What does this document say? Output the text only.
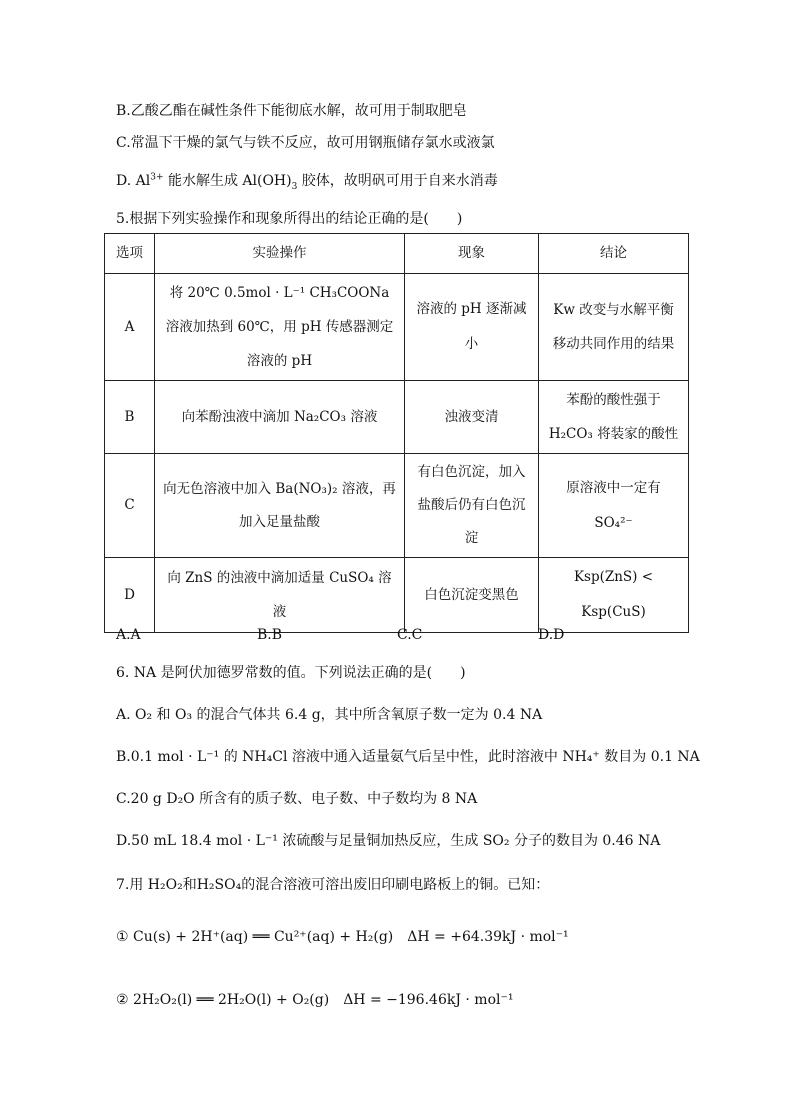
B.乙酸乙酯在碱性条件下能彻底水解，故可用于制取肥皂
C.常温下干燥的氯气与铁不反应，故可用钢瓶储存氯水或液氯
D. $Al^{3+}$ 能水解生成 $Al(OH)_3$ 胶体，故明矾可用于自来水消毒
5.根据下列实验操作和现象所得出的结论正确的是(　　)
选项	实验操作	现象	结论
A	将 20℃ 0.5mol · L⁻¹ CH₃COONa 溶液加热到 60℃，用 pH 传感器测定溶液的 pH	溶液的 pH 逐渐减小	Kw 改变与水解平衡移动共同作用的结果
B	向苯酚浊液中滴加 Na₂CO₃ 溶液	浊液变清	苯酚的酸性强于 H₂CO₃ 将装家的酸性
C	向无色溶液中加入 Ba(NO₃)₂ 溶液，再加入足量盐酸	有白色沉淀，加入盐酸后仍有白色沉淀	原溶液中一定有 SO₄²⁻
D	向 ZnS 的浊液中滴加适量 CuSO₄ 溶液	白色沉淀变黑色	Ksp(ZnS) < Ksp(CuS)
A.A	B.B	C.C	D.D
6. NA 是阿伏加德罗常数的值。下列说法正确的是(　　)
A. O₂ 和 O₃ 的混合气体共 6.4 g，其中所含氧原子数一定为 0.4 NA
B.0.1 mol · L⁻¹ 的 NH₄Cl 溶液中通入适量氨气后呈中性，此时溶液中 NH₄⁺ 数目为 0.1 NA
C.20 g D₂O 所含有的质子数、电子数、中子数均为 8 NA
D.50 mL 18.4 mol · L⁻¹ 浓硫酸与足量铜加热反应，生成 SO₂ 分子的数目为 0.46 NA
7.用 H₂O₂和H₂SO₄的混合溶液可溶出废旧印刷电路板上的铜。已知：
① Cu(s) + 2H⁺(aq) ══ Cu²⁺(aq) + H₂(g)　ΔH = +64.39kJ · mol⁻¹
② 2H₂O₂(l) ══ 2H₂O(l) + O₂(g)　ΔH = −196.46kJ · mol⁻¹
